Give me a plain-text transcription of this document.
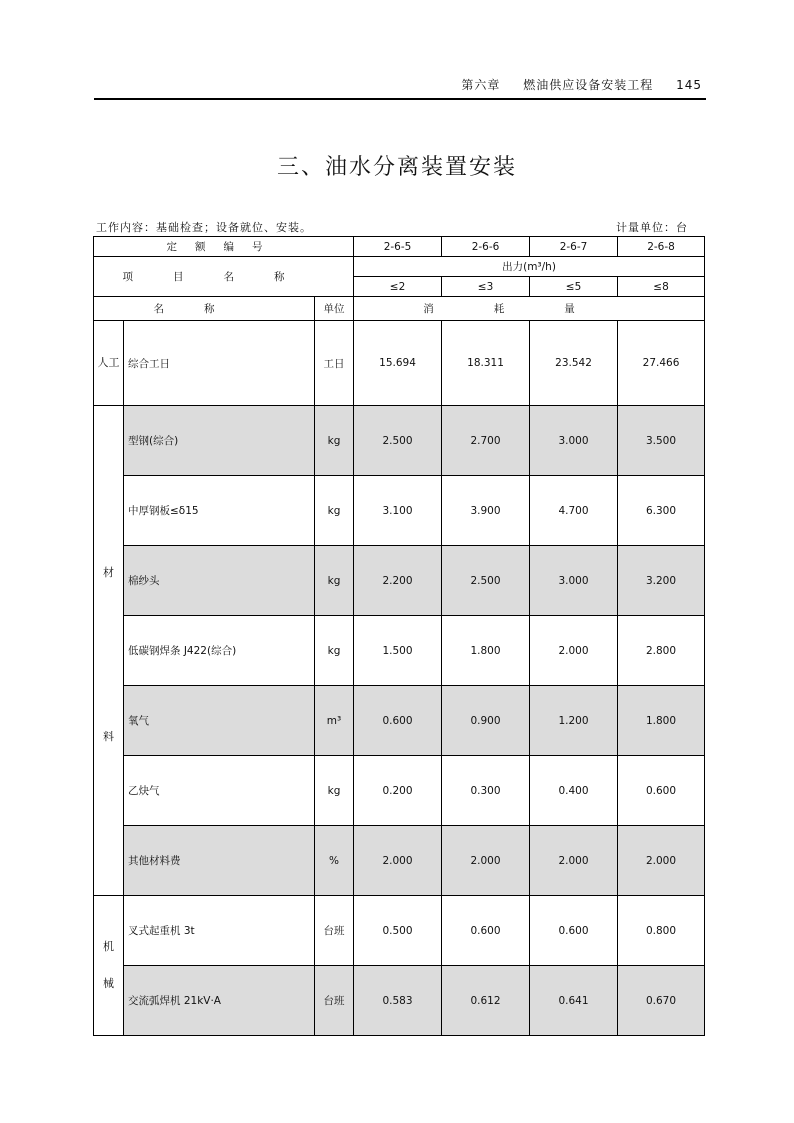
第六章 燃油供应设备安装工程 145
三、油水分离装置安装
工作内容：基础检查；设备就位、安装。	计量单位：台
定额编号			2-6-5	2-6-6	2-6-7	2-6-8
项目名称			出力(m³/h)			
			≤2	≤3	≤5	≤8
名称		单位	消耗量			
人工	综合工日	工日	15.694	18.311	23.542	27.466

材
料	型钢(综合)	kg	2.500	2.700	3.000	3.500
	中厚钢板≤δ15	kg	3.100	3.900	4.700	6.300
	棉纱头	kg	2.200	2.500	3.000	3.200
	低碳钢焊条 J422(综合)	kg	1.500	1.800	2.000	2.800
	氧气	m³	0.600	0.900	1.200	1.800
	乙炔气	kg	0.200	0.300	0.400	0.600
	其他材料费	%	2.000	2.000	2.000	2.000

机
械	叉式起重机 3t	台班	0.500	0.600	0.600	0.800
	交流弧焊机 21kV·A	台班	0.583	0.612	0.641	0.670
